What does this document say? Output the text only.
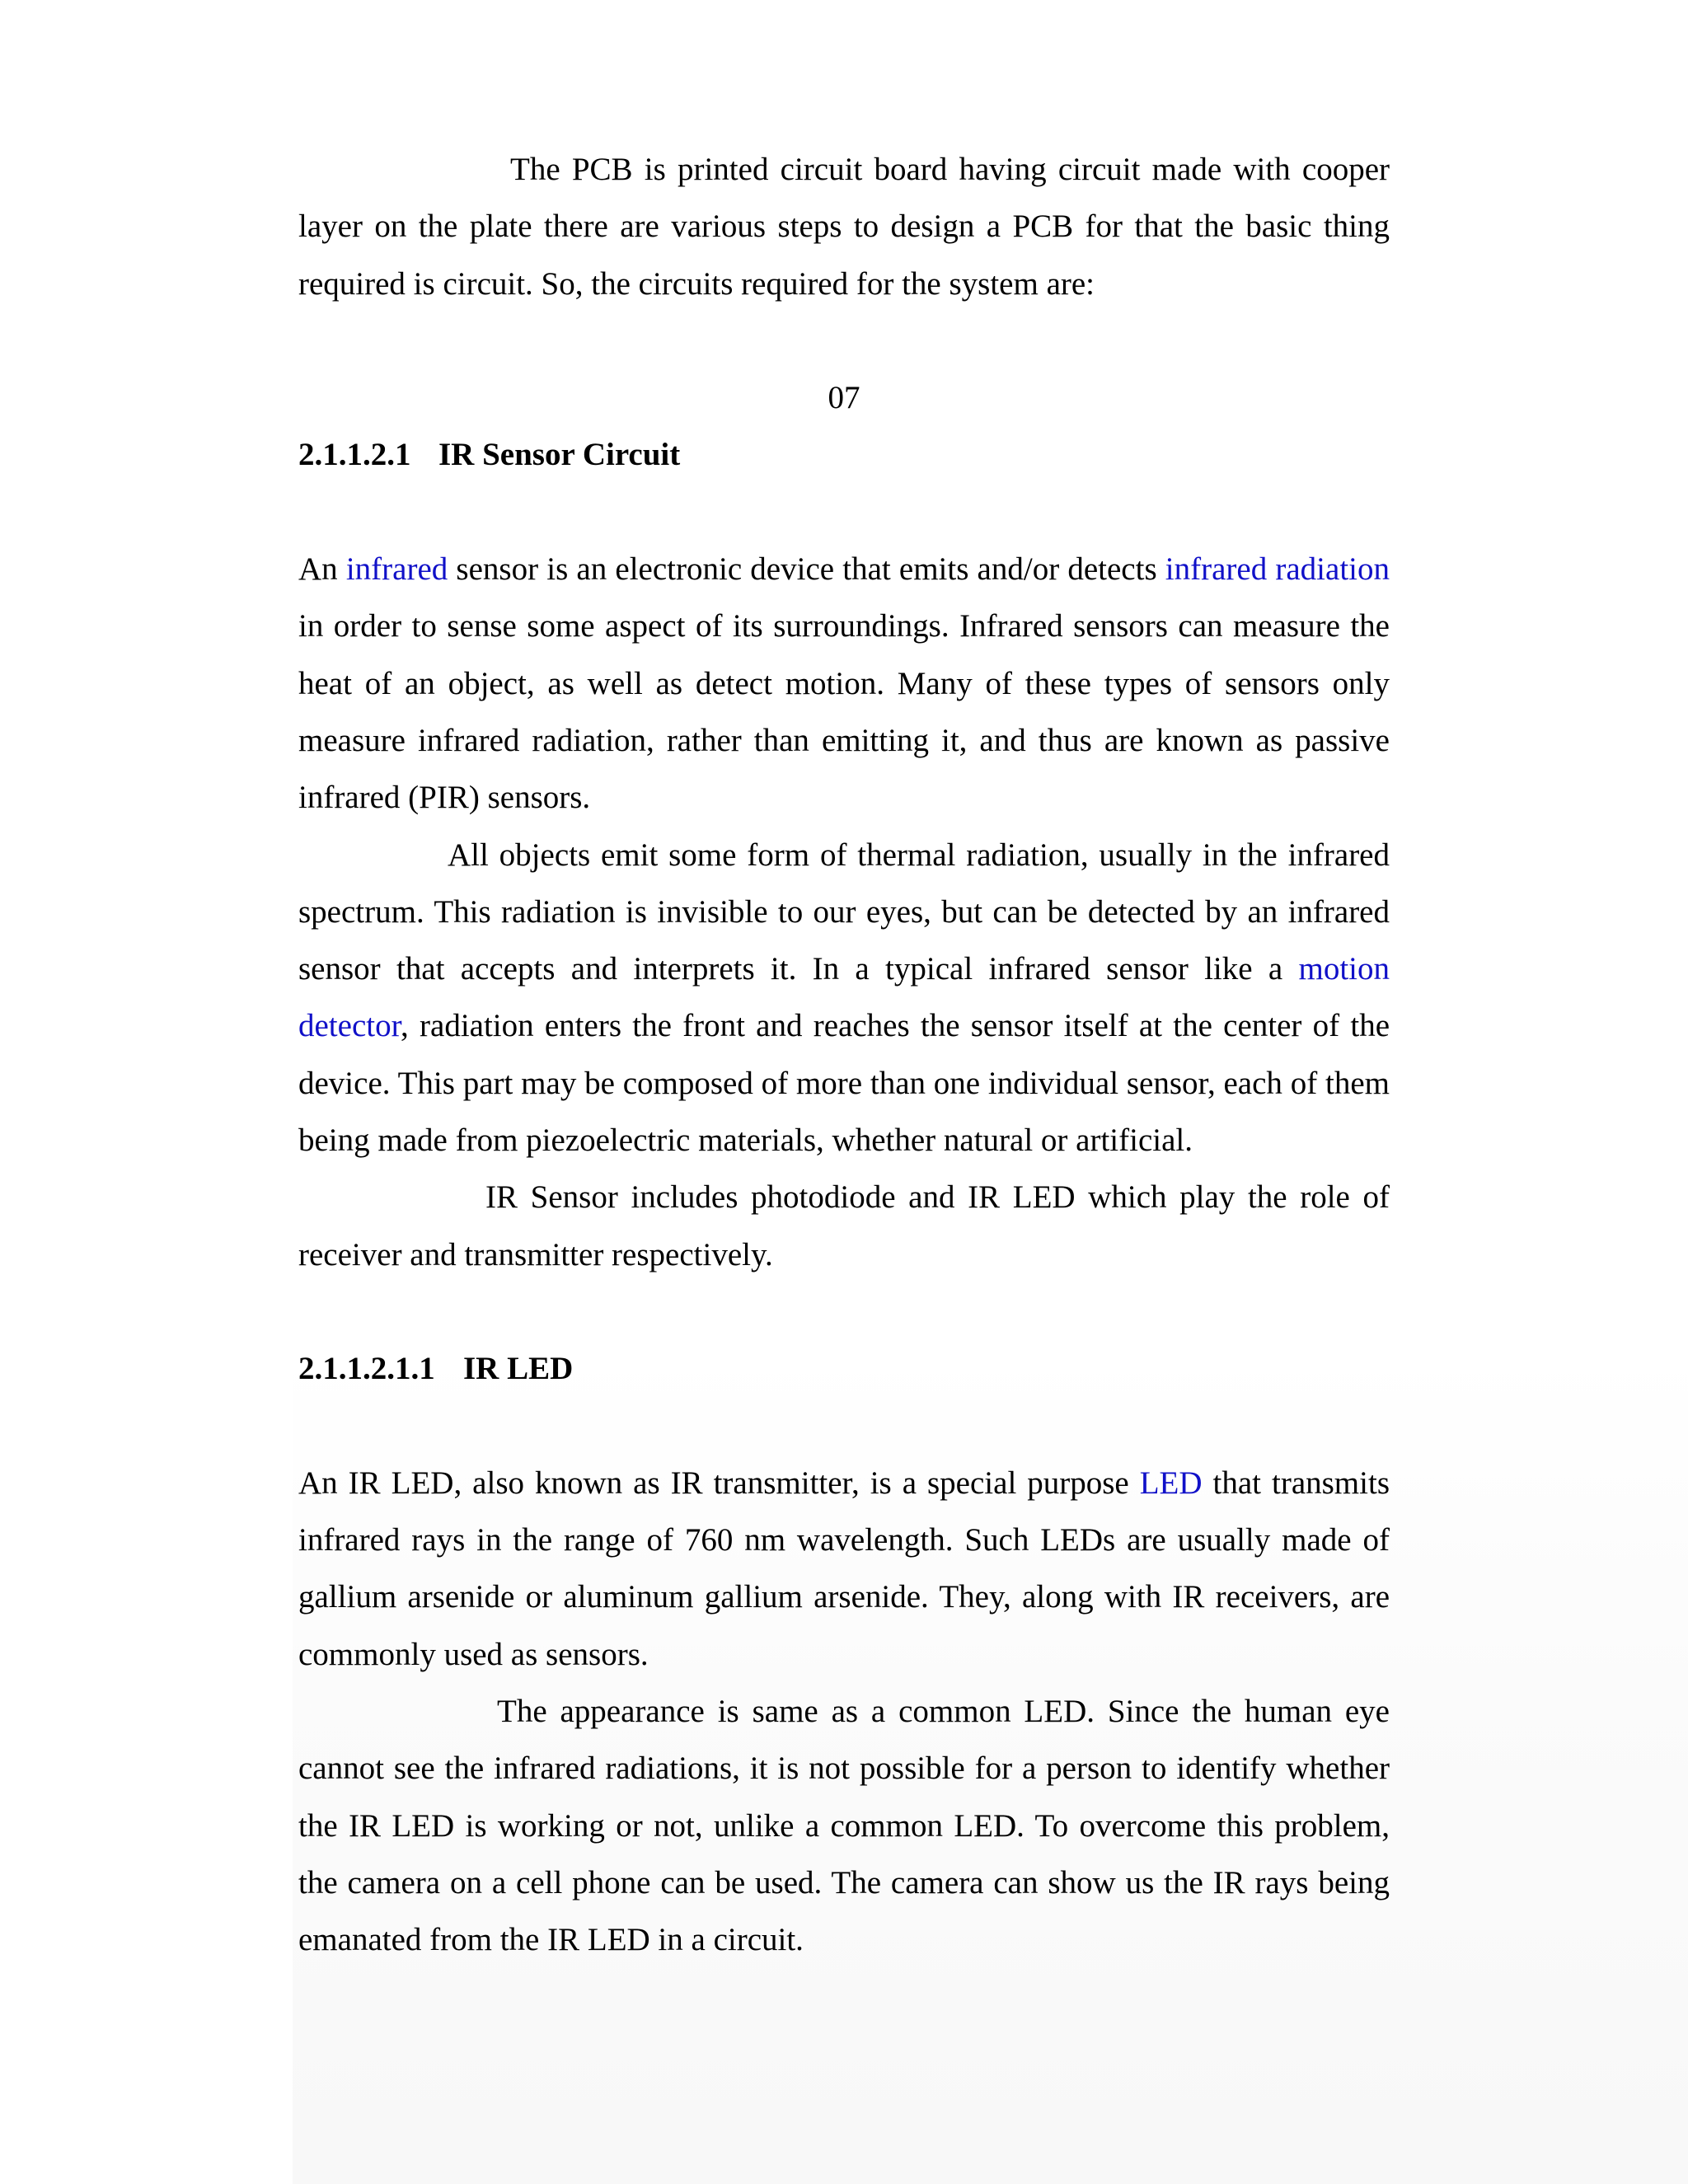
The PCB is printed circuit board having circuit made with cooper layer on the plate there are various steps to design a PCB for that the basic thing required is circuit. So, the circuits required for the system are:

07

2.1.1.2.1 IR Sensor Circuit

An infrared sensor is an electronic device that emits and/or detects infrared radiation in order to sense some aspect of its surroundings. Infrared sensors can measure the heat of an object, as well as detect motion. Many of these types of sensors only measure infrared radiation, rather than emitting it, and thus are known as passive infrared (PIR) sensors.

All objects emit some form of thermal radiation, usually in the infrared spectrum. This radiation is invisible to our eyes, but can be detected by an infrared sensor that accepts and interprets it. In a typical infrared sensor like a motion detector, radiation enters the front and reaches the sensor itself at the center of the device. This part may be composed of more than one individual sensor, each of them being made from piezoelectric materials, whether natural or artificial.

IR Sensor includes photodiode and IR LED which play the role of receiver and transmitter respectively.

2.1.1.2.1.1 IR LED

An IR LED, also known as IR transmitter, is a special purpose LED that transmits infrared rays in the range of 760 nm wavelength. Such LEDs are usually made of gallium arsenide or aluminum gallium arsenide. They, along with IR receivers, are commonly used as sensors.

The appearance is same as a common LED. Since the human eye cannot see the infrared radiations, it is not possible for a person to identify whether the IR LED is working or not, unlike a common LED. To overcome this problem, the camera on a cell phone can be used. The camera can show us the IR rays being emanated from the IR LED in a circuit.
